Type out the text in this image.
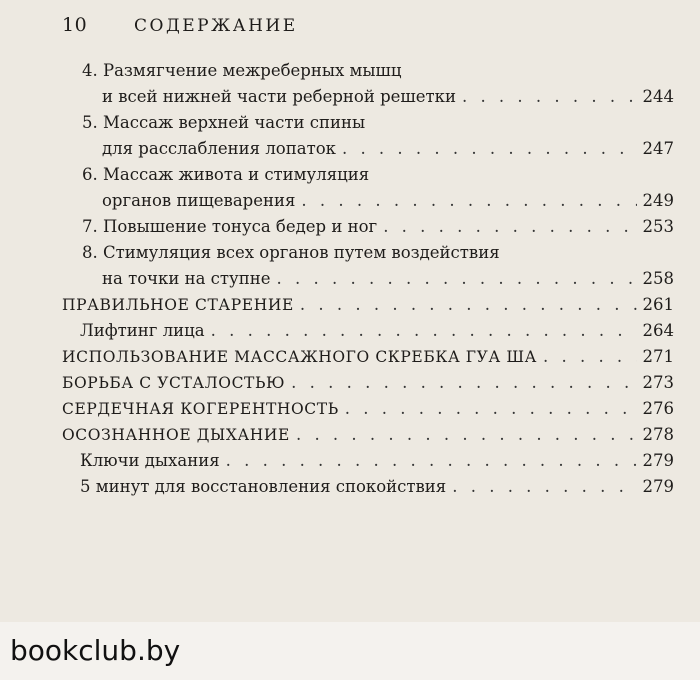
10	СОДЕРЖАНИЕ
4. Размягчение межреберных мышц
и всей нижней части реберной решетки . . .	244
5. Массаж верхней части спины
для расслабления лопаток . . .	247
6. Массаж живота и стимуляция
органов пищеварения . . .	249
7. Повышение тонуса бедер и ног . . .	253
8. Стимуляция всех органов путем воздействия
на точки на ступне . . .	258
ПРАВИЛЬНОЕ СТАРЕНИЕ . . .	261
Лифтинг лица . . .	264
ИСПОЛЬЗОВАНИЕ МАССАЖНОГО СКРЕБКА ГУА ША . . .	271
БОРЬБА С УСТАЛОСТЬЮ . . .	273
СЕРДЕЧНАЯ КОГЕРЕНТНОСТЬ . . .	276
ОСОЗНАННОЕ ДЫХАНИЕ . . .	278
Ключи дыхания . . .	279
5 минут для восстановления спокойствия . . .	279
bookclub.by
